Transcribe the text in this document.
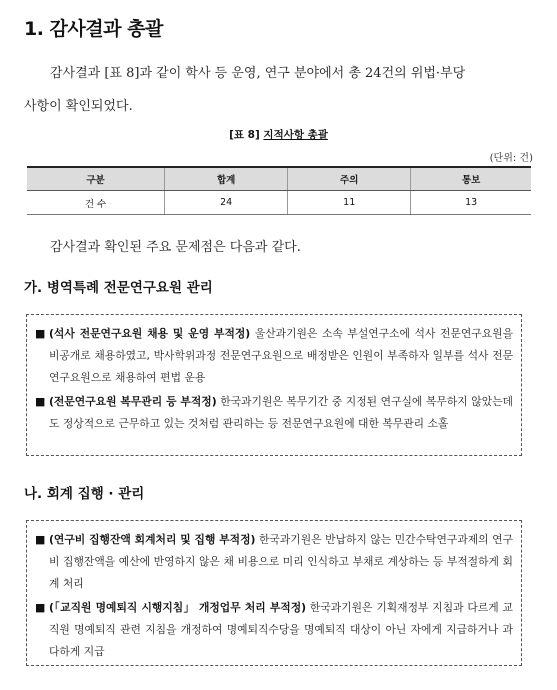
1. 감사결과 총괄
감사결과 [표 8]과 같이 학사 등 운영, 연구 분야에서 총 24건의 위법·부당
사항이 확인되었다.
[표 8] 지적사항 총괄
(단위: 건)
구분	합계	주의	통보
건 수	24	11	13
감사결과 확인된 주요 문제점은 다음과 같다.
가. 병역특례 전문연구요원 관리
■ (석사 전문연구요원 채용 및 운영 부적정) 울산과기원은 소속 부설연구소에 석사 전문연구요원을 비공개로 채용하였고, 박사학위과정 전문연구요원으로 배정받은 인원이 부족하자 일부를 석사 전문연구요원으로 채용하여 편법 운용
■ (전문연구요원 복무관리 등 부적정) 한국과기원은 복무기간 중 지정된 연구실에 복무하지 않았는데도 정상적으로 근무하고 있는 것처럼 관리하는 등 전문연구요원에 대한 복무관리 소홀
나. 회계 집행 · 관리
■ (연구비 집행잔액 회계처리 및 집행 부적정) 한국과기원은 반납하지 않는 민간수탁연구과제의 연구비 집행잔액을 예산에 반영하지 않은 채 비용으로 미리 인식하고 부채로 계상하는 등 부적절하게 회계 처리
■ (「교직원 명예퇴직 시행지침」 개정업무 처리 부적정) 한국과기원은 기획재정부 지침과 다르게 교직원 명예퇴직 관련 지침을 개정하여 명예퇴직수당을 명예퇴직 대상이 아닌 자에게 지급하거나 과다하게 지급
